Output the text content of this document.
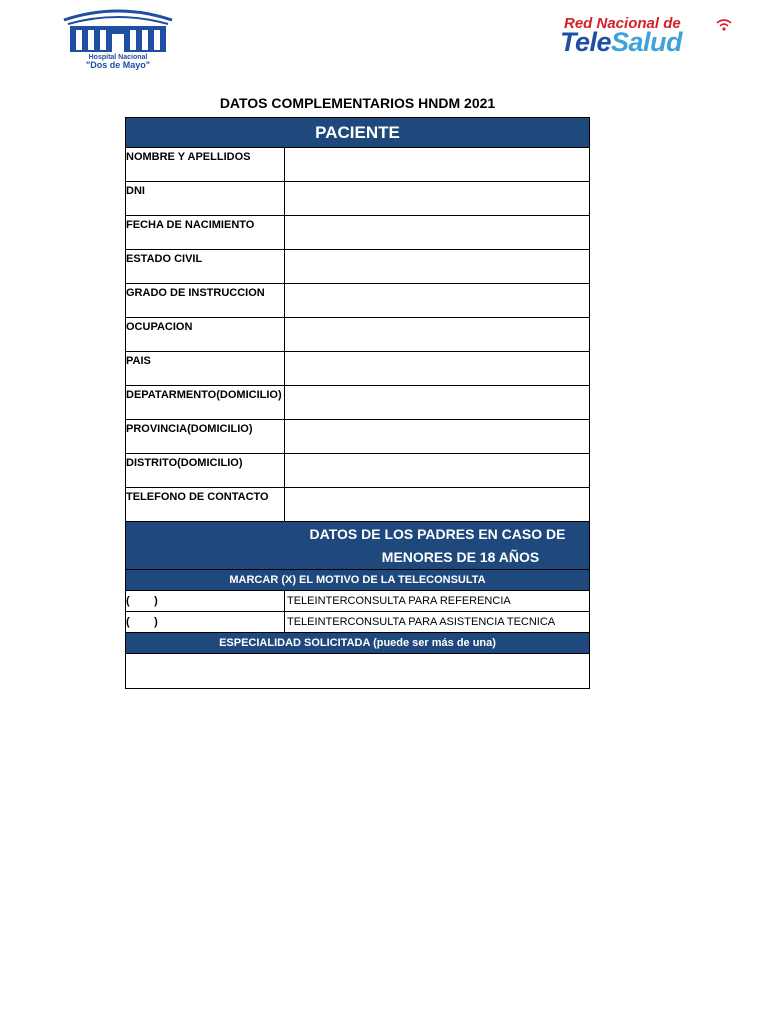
Hospital Nacional
"Dos de Mayo"
Red Nacional de
TeleSalud
DATOS COMPLEMENTARIOS HNDM 2021
PACIENTE
NOMBRE Y APELLIDOS
DNI
FECHA DE NACIMIENTO
ESTADO CIVIL
GRADO DE INSTRUCCION
OCUPACION
PAIS
DEPATARMENTO(DOMICILIO)
PROVINCIA(DOMICILIO)
DISTRITO(DOMICILIO)
TELEFONO DE CONTACTO
DATOS DE LOS PADRES EN CASO DE
MENORES DE 18 AÑOS
MARCAR (X) EL MOTIVO DE LA TELECONSULTA
(        )	TELEINTERCONSULTA PARA REFERENCIA
(        )	TELEINTERCONSULTA PARA ASISTENCIA TECNICA
ESPECIALIDAD SOLICITADA (puede ser más de una)
